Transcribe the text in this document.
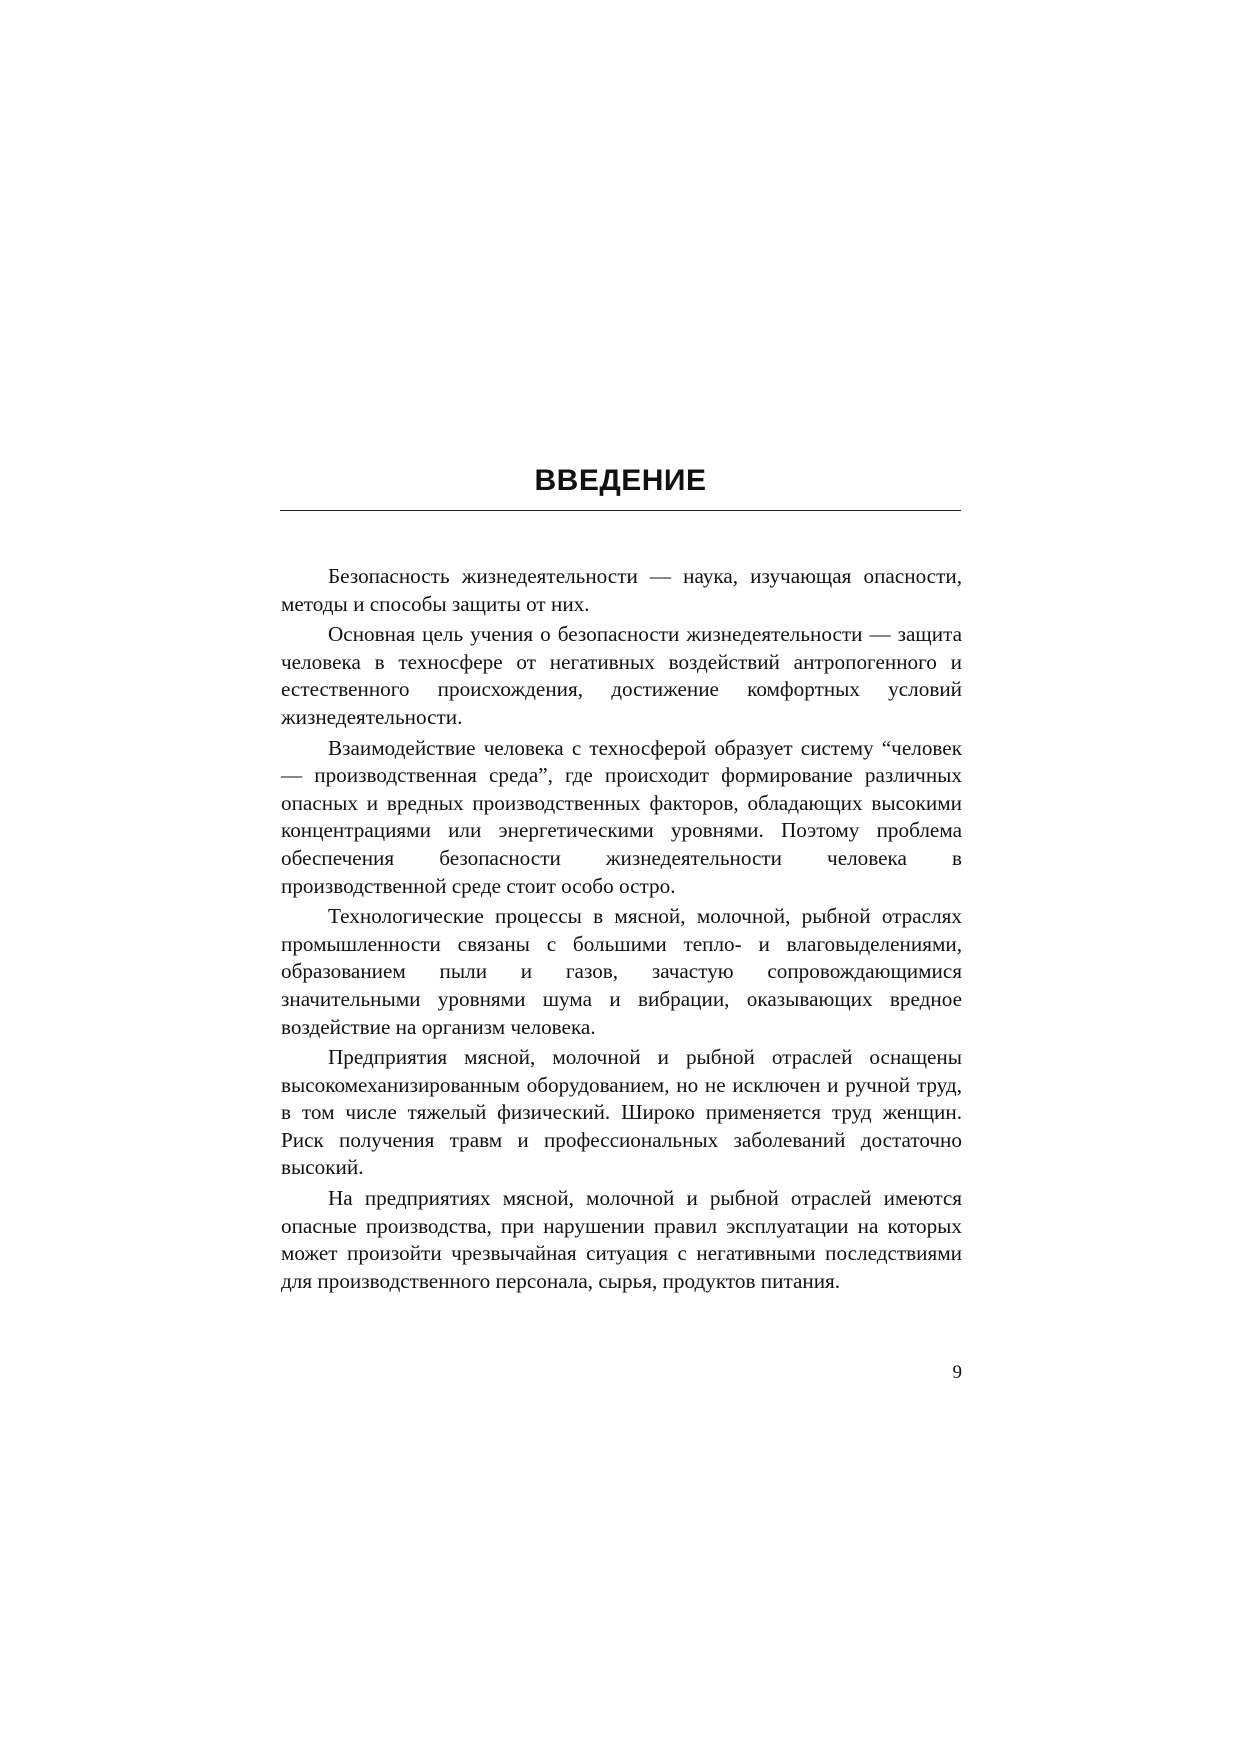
ВВЕДЕНИЕ

Безопасность жизнедеятельности — наука, изучающая опасности, методы и способы защиты от них.

Основная цель учения о безопасности жизнедеятельности — защита человека в техносфере от негативных воздействий антропогенного и естественного происхождения, достижение комфортных условий жизнедеятельности.

Взаимодействие человека с техносферой образует систему “человек — производственная среда”, где происходит формирование различных опасных и вредных производственных факторов, обладающих высокими концентрациями или энергетическими уровнями. Поэтому проблема обеспечения безопасности жизнедеятельности человека в производственной среде стоит особо остро.

Технологические процессы в мясной, молочной, рыбной отраслях промышленности связаны с большими тепло- и влаговыделениями, образованием пыли и газов, зачастую сопровождающимися значительными уровнями шума и вибрации, оказывающих вредное воздействие на организм человека.

Предприятия мясной, молочной и рыбной отраслей оснащены высокомеханизированным оборудованием, но не исключен и ручной труд, в том числе тяжелый физический. Широко применяется труд женщин. Риск получения травм и профессиональных заболеваний достаточно высокий.

На предприятиях мясной, молочной и рыбной отраслей имеются опасные производства, при нарушении правил эксплуатации на которых может произойти чрезвычайная ситуация с негативными последствиями для производственного персонала, сырья, продуктов питания.

9
